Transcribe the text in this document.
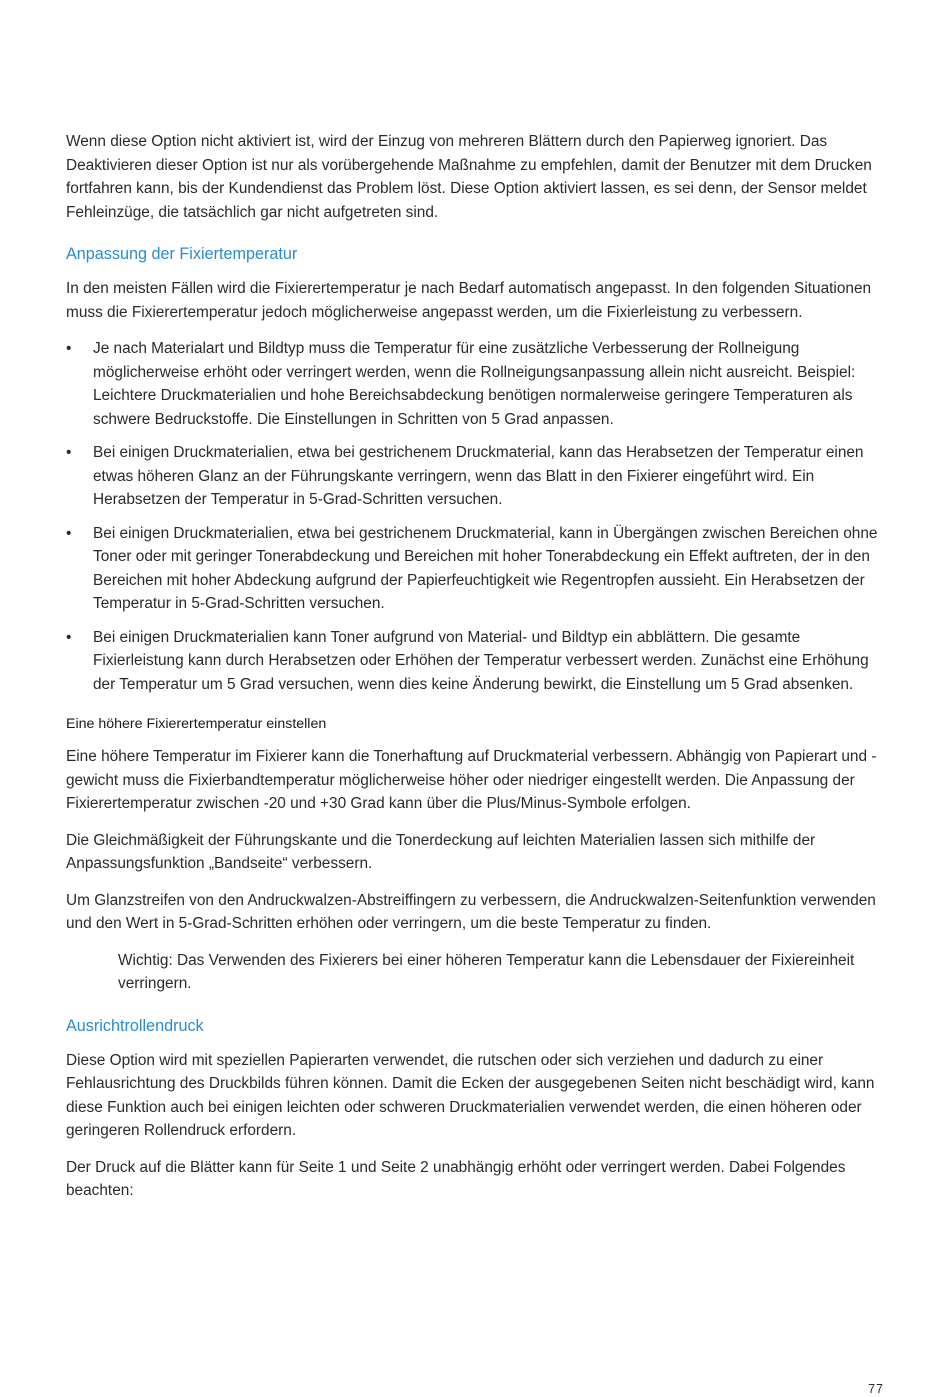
Wenn diese Option nicht aktiviert ist, wird der Einzug von mehreren Blättern durch den Papierweg ignoriert. Das Deaktivieren dieser Option ist nur als vorübergehende Maßnahme zu empfehlen, damit der Benutzer mit dem Drucken fortfahren kann, bis der Kundendienst das Problem löst. Diese Option aktiviert lassen, es sei denn, der Sensor meldet Fehleinzüge, die tatsächlich gar nicht aufgetreten sind.

Anpassung der Fixiertemperatur

In den meisten Fällen wird die Fixierertemperatur je nach Bedarf automatisch angepasst. In den folgenden Situationen muss die Fixierertemperatur jedoch möglicherweise angepasst werden, um die Fixierleistung zu verbessern.

•	Je nach Materialart und Bildtyp muss die Temperatur für eine zusätzliche Verbesserung der Rollneigung möglicherweise erhöht oder verringert werden, wenn die Rollneigungsanpassung allein nicht ausreicht. Beispiel: Leichtere Druckmaterialien und hohe Bereichsabdeckung benötigen normalerweise geringere Temperaturen als schwere Bedruckstoffe. Die Einstellungen in Schritten von 5 Grad anpassen.
•	Bei einigen Druckmaterialien, etwa bei gestrichenem Druckmaterial, kann das Herabsetzen der Temperatur einen etwas höheren Glanz an der Führungskante verringern, wenn das Blatt in den Fixierer eingeführt wird. Ein Herabsetzen der Temperatur in 5-Grad-Schritten versuchen.
•	Bei einigen Druckmaterialien, etwa bei gestrichenem Druckmaterial, kann in Übergängen zwischen Bereichen ohne Toner oder mit geringer Tonerabdeckung und Bereichen mit hoher Tonerabdeckung ein Effekt auftreten, der in den Bereichen mit hoher Abdeckung aufgrund der Papierfeuchtigkeit wie Regentropfen aussieht. Ein Herabsetzen der Temperatur in 5-Grad-Schritten versuchen.
•	Bei einigen Druckmaterialien kann Toner aufgrund von Material- und Bildtyp ein abblättern. Die gesamte Fixierleistung kann durch Herabsetzen oder Erhöhen der Temperatur verbessert werden. Zunächst eine Erhöhung der Temperatur um 5 Grad versuchen, wenn dies keine Änderung bewirkt, die Einstellung um 5 Grad absenken.
Eine höhere Fixierertemperatur einstellen

Eine höhere Temperatur im Fixierer kann die Tonerhaftung auf Druckmaterial verbessern. Abhängig von Papierart und -gewicht muss die Fixierbandtemperatur möglicherweise höher oder niedriger eingestellt werden. Die Anpassung der Fixierertemperatur zwischen -20 und +30 Grad kann über die Plus/Minus-Symbole erfolgen.

Die Gleichmäßigkeit der Führungskante und die Tonerdeckung auf leichten Materialien lassen sich mithilfe der Anpassungsfunktion „Bandseite“ verbessern.

Um Glanzstreifen von den Andruckwalzen-Abstreiffingern zu verbessern, die Andruckwalzen-Seitenfunktion verwenden und den Wert in 5-Grad-Schritten erhöhen oder verringern, um die beste Temperatur zu finden.

Wichtig: Das Verwenden des Fixierers bei einer höheren Temperatur kann die Lebensdauer der Fixiereinheit verringern.

Ausrichtrollendruck

Diese Option wird mit speziellen Papierarten verwendet, die rutschen oder sich verziehen und dadurch zu einer Fehlausrichtung des Druckbilds führen können. Damit die Ecken der ausgegebenen Seiten nicht beschädigt wird, kann diese Funktion auch bei einigen leichten oder schweren Druckmaterialien verwendet werden, die einen höheren oder geringeren Rollendruck erfordern.

Der Druck auf die Blätter kann für Seite 1 und Seite 2 unabhängig erhöht oder verringert werden. Dabei Folgendes beachten:

77
